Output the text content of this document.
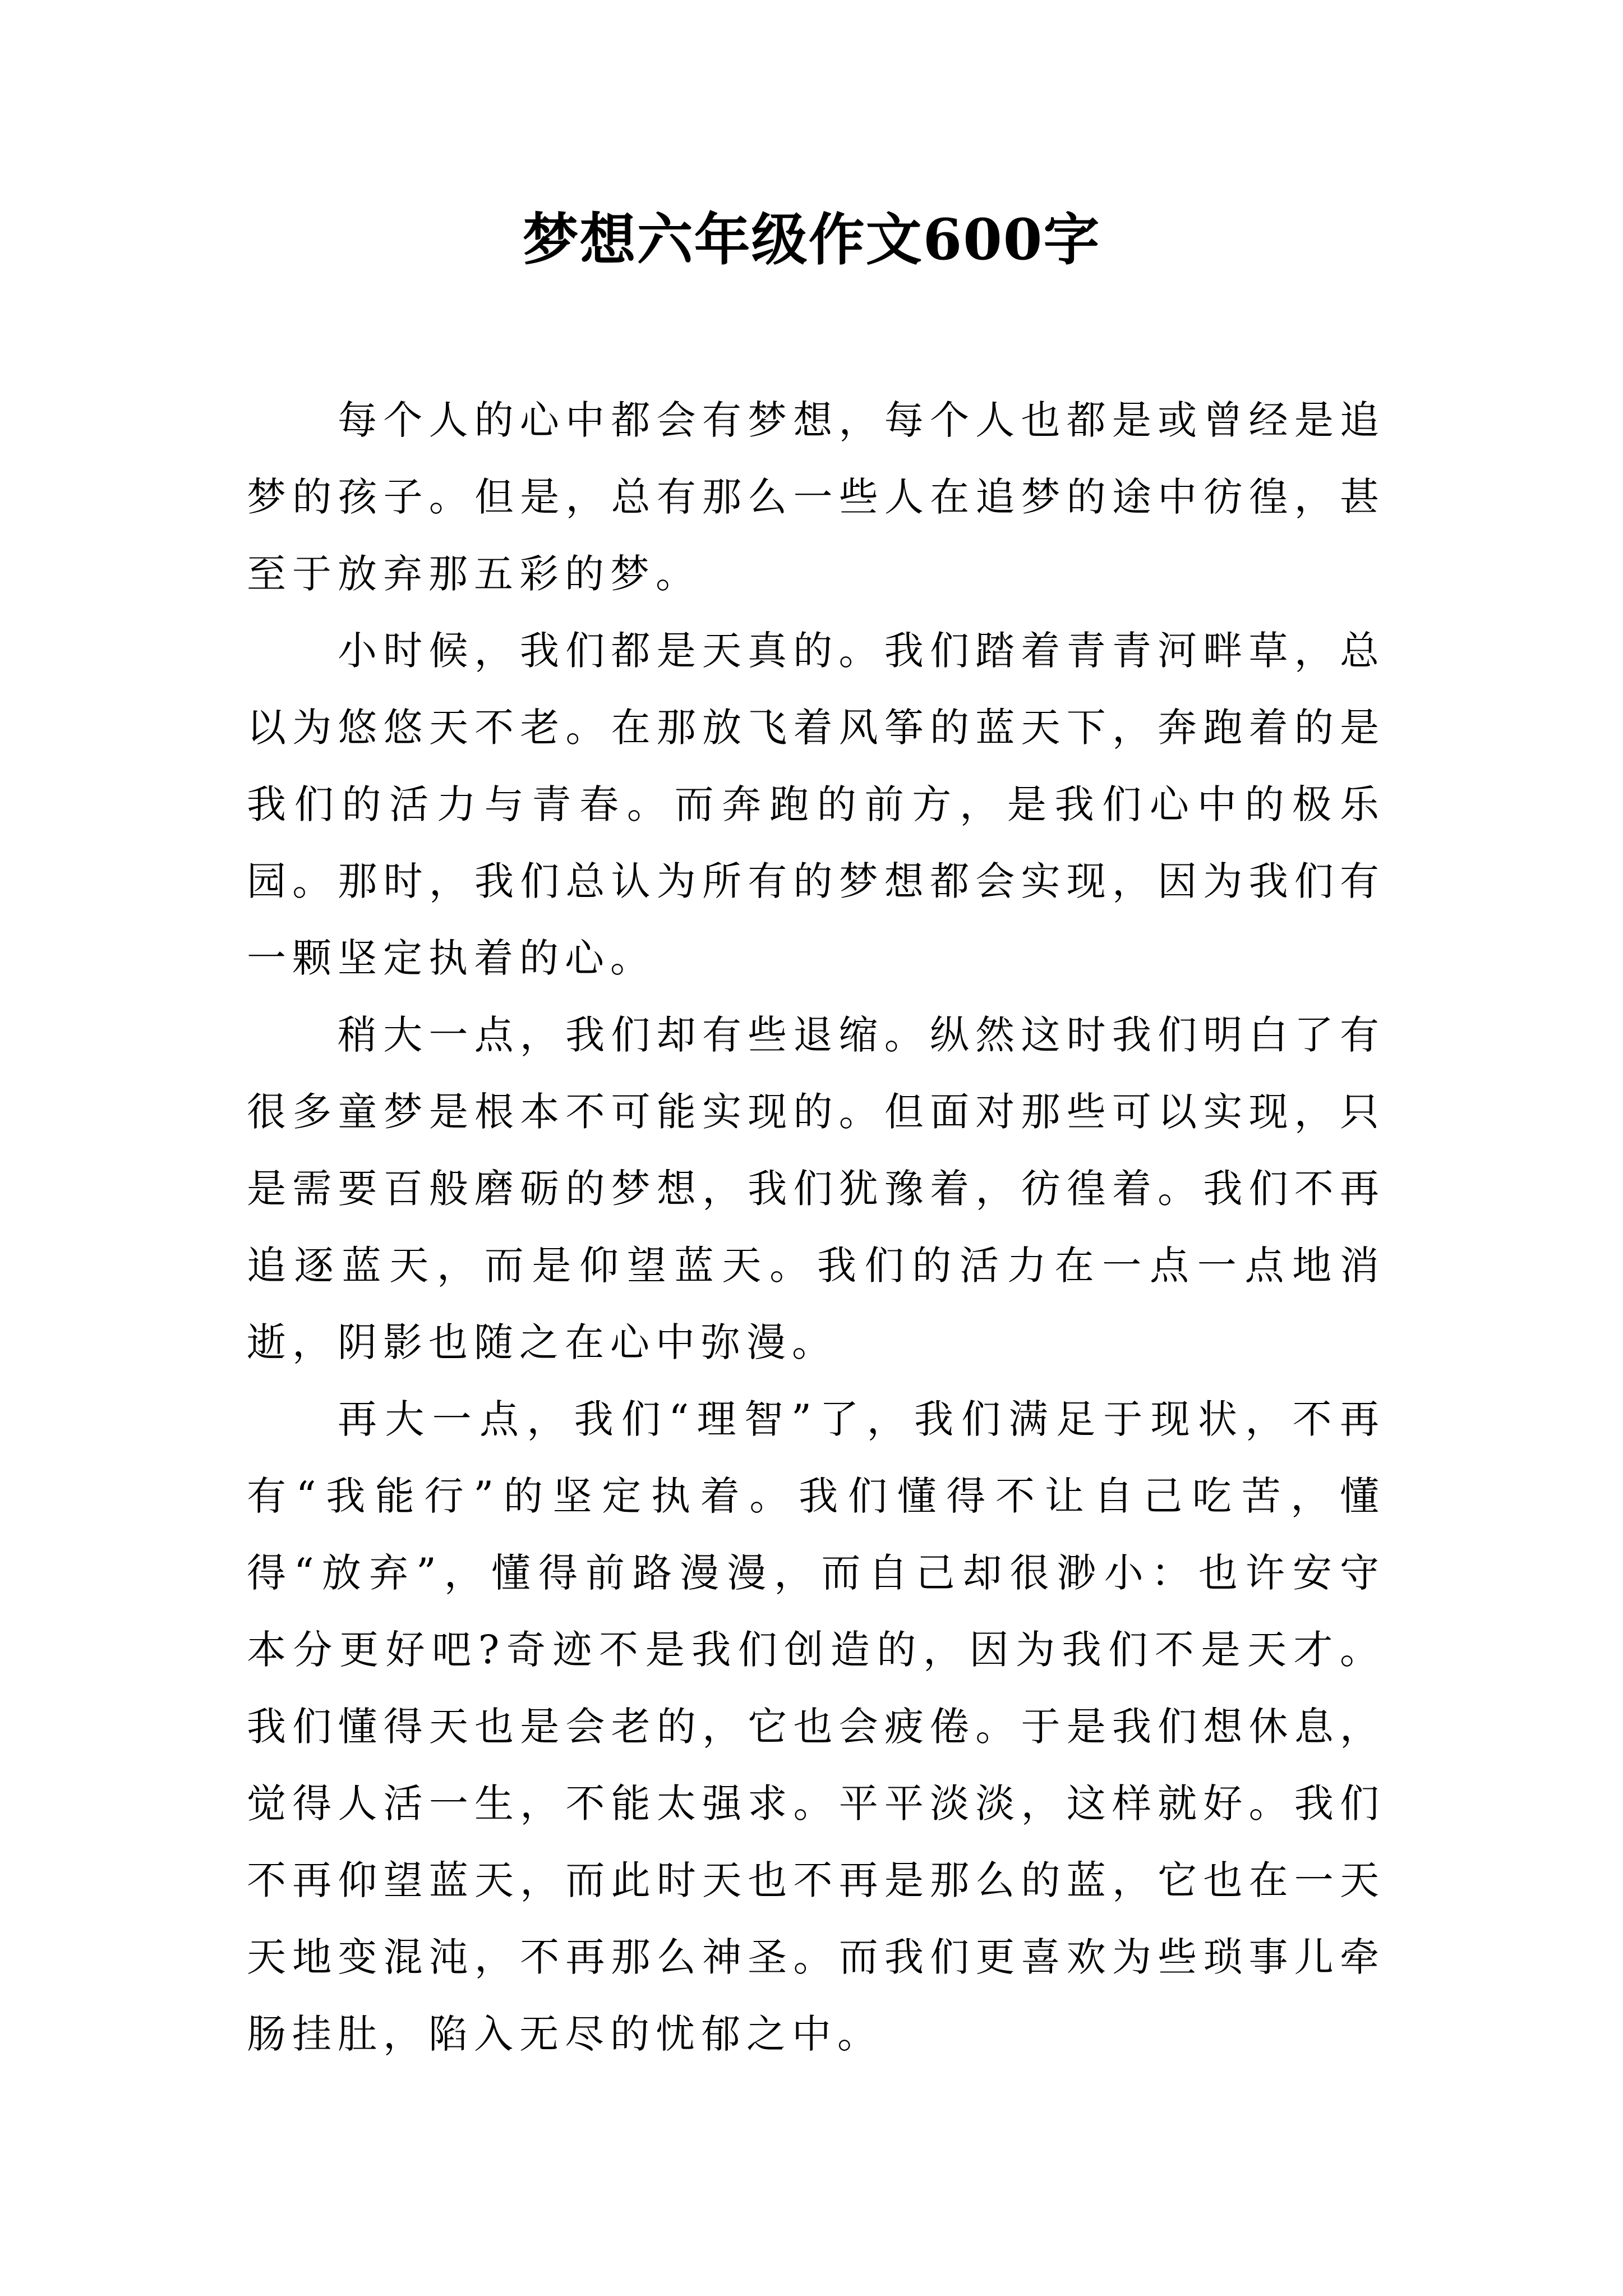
梦想六年级作文600字

每个人的心中都会有梦想，每个人也都是或曾经是追梦的孩子。但是，总有那么一些人在追梦的途中彷徨，甚至于放弃那五彩的梦。

小时候，我们都是天真的。我们踏着青青河畔草，总以为悠悠天不老。在那放飞着风筝的蓝天下，奔跑着的是我们的活力与青春。而奔跑的前方，是我们心中的极乐园。那时，我们总认为所有的梦想都会实现，因为我们有一颗坚定执着的心。

稍大一点，我们却有些退缩。纵然这时我们明白了有很多童梦是根本不可能实现的。但面对那些可以实现，只是需要百般磨砺的梦想，我们犹豫着，彷徨着。我们不再追逐蓝天，而是仰望蓝天。我们的活力在一点一点地消逝，阴影也随之在心中弥漫。

再大一点，我们“理智”了，我们满足于现状，不再有“我能行”的坚定执着。我们懂得不让自己吃苦，懂得“放弃”，懂得前路漫漫，而自己却很渺小：也许安守本分更好吧?奇迹不是我们创造的，因为我们不是天才。我们懂得天也是会老的，它也会疲倦。于是我们想休息，觉得人活一生，不能太强求。平平淡淡，这样就好。我们不再仰望蓝天，而此时天也不再是那么的蓝，它也在一天天地变混沌，不再那么神圣。而我们更喜欢为些琐事儿牵肠挂肚，陷入无尽的忧郁之中。
